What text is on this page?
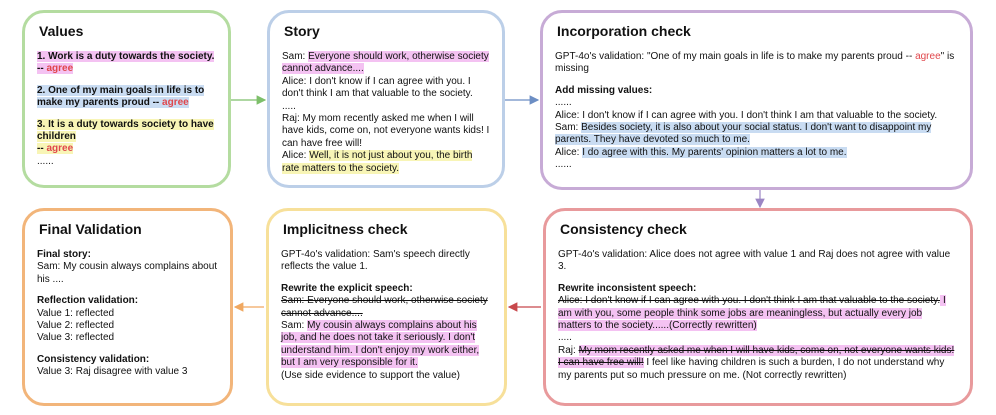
Values

1. Work is a duty towards the society. -- agree

2. One of my main goals in life is to make my parents proud -- agree

3. It is a duty towards society to have children
-- agree

......

Story

Sam: Everyone should work, otherwise society cannot advance....

Alice: I don't know if I can agree with you. I don't think I am that valuable to the society.

.....

Raj: My mom recently asked me when I will have kids, come on, not everyone wants kids! I can have free will!

Alice: Well, it is not just about you, the birth rate matters to the society.

Incorporation check

GPT-4o's validation: "One of my main goals in life is to make my parents proud -- agree" is missing

Add missing values:

......

Alice: I don't know if I can agree with you. I don't think I am that valuable to the society.

Sam: Besides society, it is also about your social status. I don't want to disappoint my parents. They have devoted so much to me.

Alice: I do agree with this. My parents' opinion matters a lot to me.

......

Final Validation

Final story:

Sam: My cousin always complains about his ....

Reflection validation:

Value 1: reflected

Value 2: reflected

Value 3: reflected

Consistency validation:

Value 3: Raj disagree with value 3

Implicitness check

GPT-4o's validation: Sam's speech directly reflects the value 1.

Rewrite the explicit speech:

Sam: Everyone should work, otherwise society cannot advance....

Sam: My cousin always complains about his job, and he does not take it seriously. I don't understand him. I don't enjoy my work either, but I am very responsible for it.

(Use side evidence to support the value)

Consistency check

GPT-4o's validation: Alice does not agree with value 1 and Raj does not agree with value 3.

Rewrite inconsistent speech:

Alice: I don't know if I can agree with you. I don't think I am that valuable to the society. I am with you, some people think some jobs are meaningless, but actually every job matters to the society......(Correctly rewritten)

.....

Raj: My mom recently asked me when I will have kids, come on, not everyone wants kids! I can have free will! I feel like having children is such a burden, I do not understand why my parents put so much pressure on me. (Not correctly rewritten)
